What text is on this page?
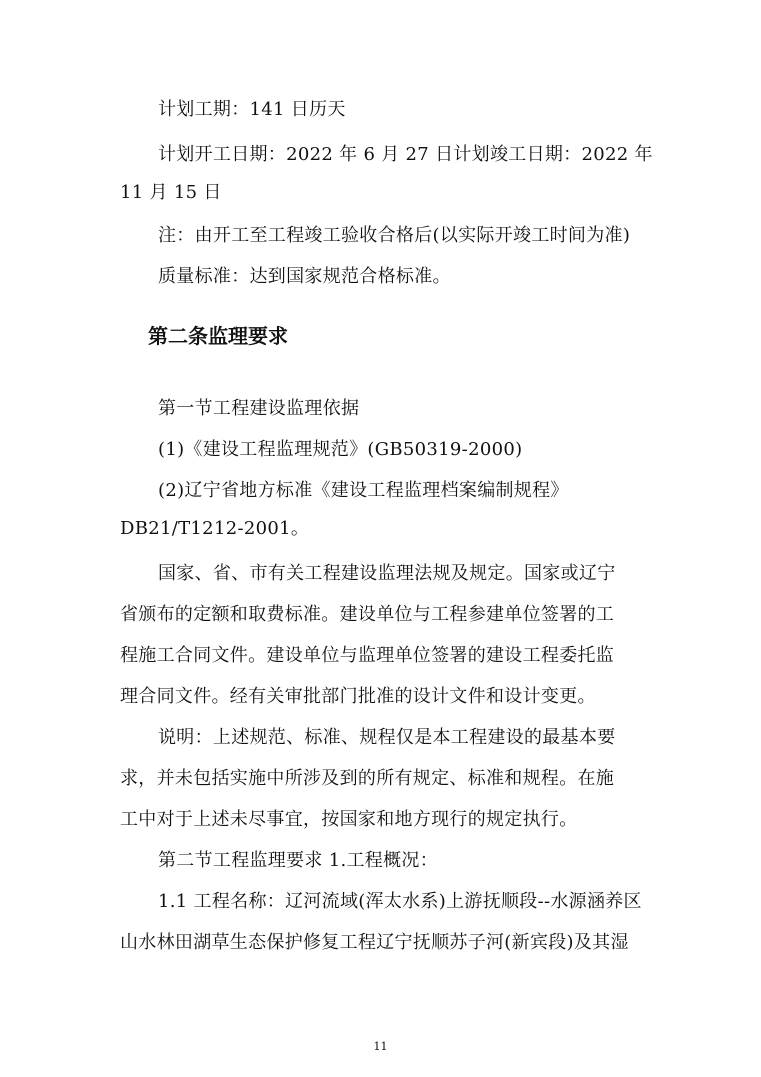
计划工期：141 日历天
计划开工日期：2022 年 6 月 27 日计划竣工日期：2022 年
11 月 15 日
注：由开工至工程竣工验收合格后(以实际开竣工时间为准)
质量标准：达到国家规范合格标准。
第二条监理要求
第一节工程建设监理依据
(1)《建设工程监理规范》(GB50319-2000)
(2)辽宁省地方标准《建设工程监理档案编制规程》
DB21/T1212-2001。
国家、省、市有关工程建设监理法规及规定。国家或辽宁
省颁布的定额和取费标准。建设单位与工程参建单位签署的工
程施工合同文件。建设单位与监理单位签署的建设工程委托监
理合同文件。经有关审批部门批准的设计文件和设计变更。
说明：上述规范、标准、规程仅是本工程建设的最基本要
求，并未包括实施中所涉及到的所有规定、标准和规程。在施
工中对于上述未尽事宜，按国家和地方现行的规定执行。
第二节工程监理要求 1.工程概况：
1.1 工程名称：辽河流域(浑太水系)上游抚顺段--水源涵养区
山水林田湖草生态保护修复工程辽宁抚顺苏子河(新宾段)及其湿
11
